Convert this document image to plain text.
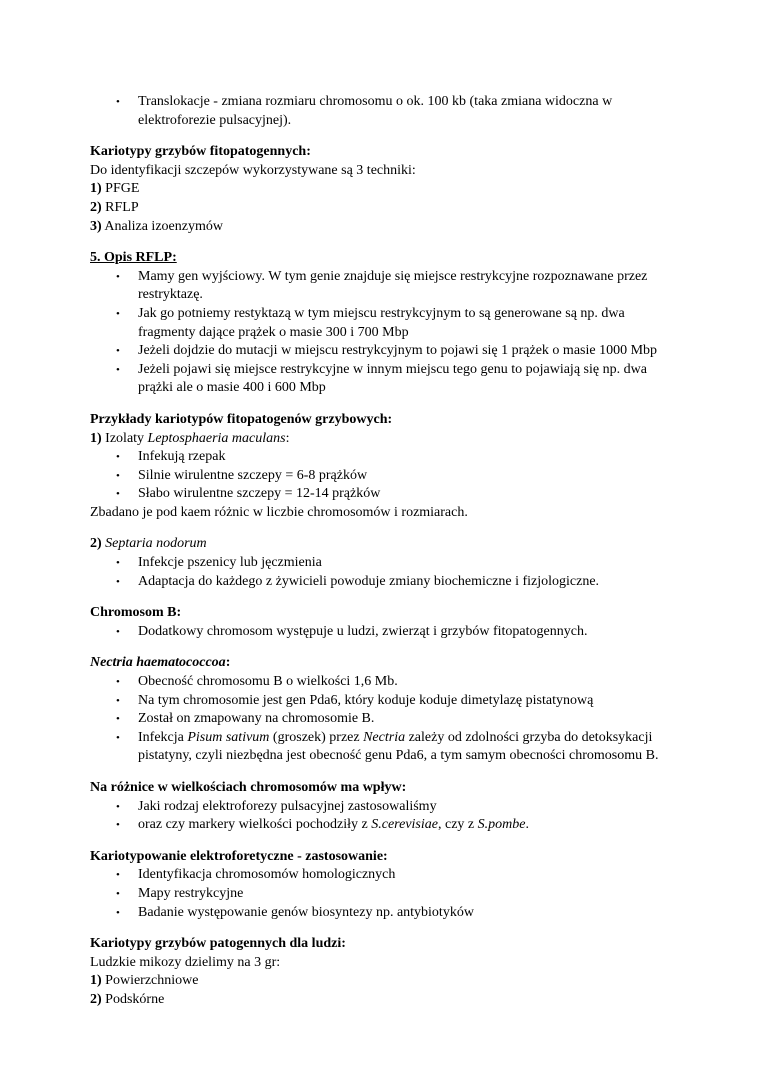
•
Translokacje - zmiana rozmiaru chromosomu o ok. 100 kb (taka zmiana widoczna w elektroforezie pulsacyjnej).

Kariotypy grzybów fitopatogennych:

Do identyfikacji szczepów wykorzystywane są 3 techniki:

1) PFGE

2) RFLP

3) Analiza izoenzymów

5. Opis RFLP:

•
Mamy gen wyjściowy. W tym genie znajduje się miejsce restrykcyjne rozpoznawane przez restryktazę.
•
Jak go potniemy restyktazą w tym miejscu restrykcyjnym to są generowane są np. dwa fragmenty dające prążek o masie 300 i 700 Mbp
•
Jeżeli dojdzie do mutacji w miejscu restrykcyjnym to pojawi się 1 prążek o masie 1000 Mbp
•
Jeżeli pojawi się miejsce restrykcyjne w innym miejscu tego genu to pojawiają się np. dwa prążki ale o masie 400 i 600 Mbp

Przykłady kariotypów fitopatogenów grzybowych:

1) Izolaty Leptosphaeria maculans:

•
Infekują rzepak
•
Silnie wirulentne szczepy = 6-8 prążków
•
Słabo wirulentne szczepy = 12-14 prążków

Zbadano je pod kaem różnic w liczbie chromosomów i rozmiarach.

2) Septaria nodorum

•
Infekcje pszenicy lub jęczmienia
•
Adaptacja do każdego z żywicieli powoduje zmiany biochemiczne i fizjologiczne.

Chromosom B:

•
Dodatkowy chromosom występuje u ludzi, zwierząt i grzybów fitopatogennych.

Nectria haematococcoa:

•
Obecność chromosomu B o wielkości 1,6 Mb.
•
Na tym chromosomie jest gen Pda6, który koduje koduje dimetylazę pistatynową
•
Został on zmapowany na chromosomie B.
•
Infekcja Pisum sativum (groszek) przez Nectria zależy od zdolności grzyba do detoksykacji pistatyny, czyli niezbędna jest obecność genu Pda6, a tym samym obecności chromosomu B.

Na różnice w wielkościach chromosomów ma wpływ:

•
Jaki rodzaj elektroforezy pulsacyjnej zastosowaliśmy
•
oraz czy markery wielkości pochodziły z S.cerevisiae, czy z S.pombe.

Kariotypowanie elektroforetyczne - zastosowanie:

•
Identyfikacja chromosomów homologicznych
•
Mapy restrykcyjne
•
Badanie występowanie genów biosyntezy np. antybiotyków

Kariotypy grzybów patogennych dla ludzi:

Ludzkie mikozy dzielimy na 3 gr:

1) Powierzchniowe

2) Podskórne
